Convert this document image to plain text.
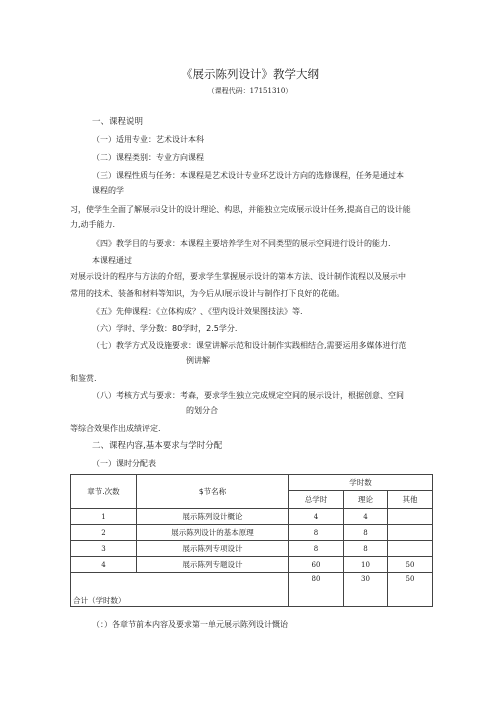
《展示陈列设计》教学大纲
（课程代码：17151310）
一、课程说明
（一）适用专业：艺术设计本科
（二）课程类别：专业方向课程
（三）课程性质与任务：本课程是艺术设计专业环艺设计方向的选修课程，任务是通过本
课程的学
习，使学生全面了解展示i殳计的设计理论、构思，并能独立完成展示设计任务,提高自己的设计能
力,动手能力.
《四》教学目的与要求：本课程主要培养学生对不同类型的展示空间进行设计的能力.
本课程通过
对展示设计的程序与方法的介绍，要求学生掌握展示设计的第本方法、设计制作流程以及展示中
常用的技术、装备和材料等知识，为今后从I展示设计与制作打下良好的花础。
《五》先伸课程：《立体构成？、《型内设计效果图技法》等.
（六）学时、学分数：80学时，2.5学分.
（七）教学方式及设施要求：课堂讲解示范和设计制作实践相结合,需要运用多媒体进行范
例讲解
和鉴赏.
（八）考核方式与要求：考森，要求学生独立完成规定空间的展示设计，根据创意、空间
的划分合
等综合效果作出成绩评定.
二、课程内容,基本要求与学时分配
（一）课时分配表
章节.次数	$节名称	学时数		
		总学时	理论	其他
1	展示陈列设计概论	4	4	
2	展示陈列设计的基本原理	8	8	
3	展示陈列专项设计	8	8	
4	展示陈列专题设计	60	10	50
合计（学时数）		80	30	50
（：）各章节前本内容及要求第一单元展示陈列设计慨诒
